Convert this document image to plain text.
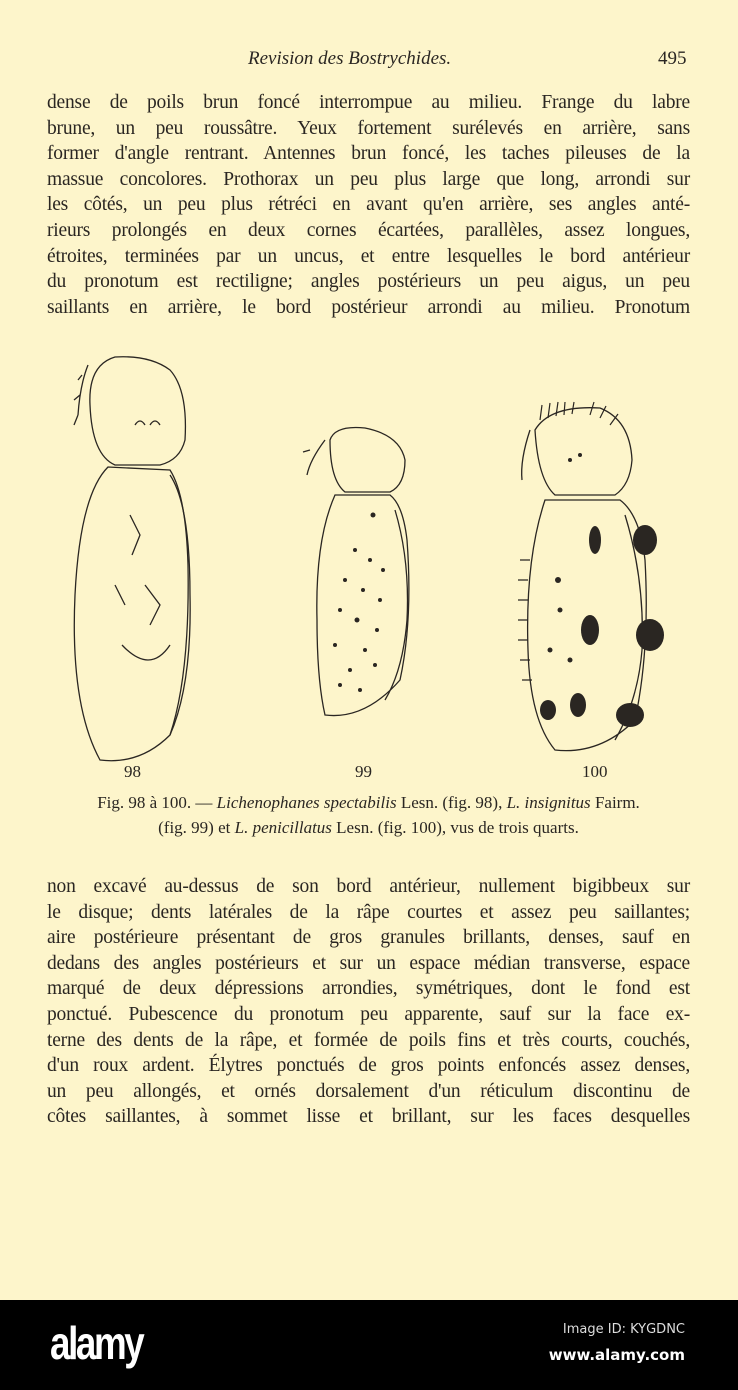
Revision des Bostrychides.	495
dense de poils brun foncé interrompue au milieu. Frange du labre
brune, un peu roussâtre. Yeux fortement surélevés en arrière, sans
former d'angle rentrant. Antennes brun foncé, les taches pileuses de la
massue concolores. Prothorax un peu plus large que long, arrondi sur
les côtés, un peu plus rétréci en avant qu'en arrière, ses angles anté-
rieurs prolongés en deux cornes écartées, parallèles, assez longues,
étroites, terminées par un uncus, et entre lesquelles le bord antérieur
du pronotum est rectiligne; angles postérieurs un peu aigus, un peu
saillants en arrière, le bord postérieur arrondi au milieu. Pronotum
98	99	100
Fig. 98 à 100. — Lichenophanes spectabilis Lesn. (fig. 98), L. insignitus Fairm.
(fig. 99) et L. penicillatus Lesn. (fig. 100), vus de trois quarts.
non excavé au-dessus de son bord antérieur, nullement bigibbeux sur
le disque; dents latérales de la râpe courtes et assez peu saillantes;
aire postérieure présentant de gros granules brillants, denses, sauf en
dedans des angles postérieurs et sur un espace médian transverse, espace
marqué de deux dépressions arrondies, symétriques, dont le fond est
ponctué. Pubescence du pronotum peu apparente, sauf sur la face ex-
terne des dents de la râpe, et formée de poils fins et très courts, couchés,
d'un roux ardent. Élytres ponctués de gros points enfoncés assez denses,
un peu allongés, et ornés dorsalement d'un réticulum discontinu de
côtes saillantes, à sommet lisse et brillant, sur les faces desquelles
alamy	Image ID: KYGDNC
www.alamy.com
